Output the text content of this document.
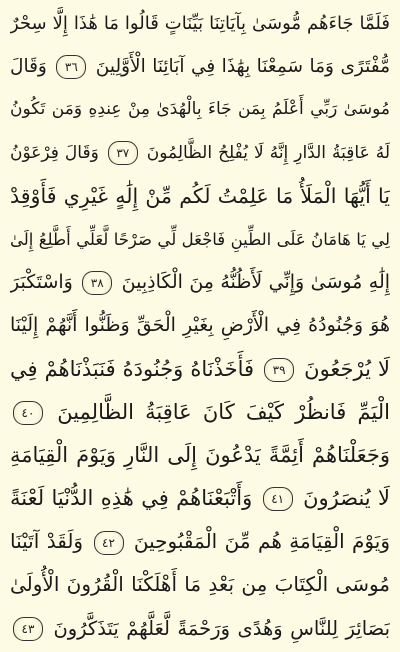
فَلَمَّا جَاءَهُم مُّوسَىٰ بِآيَاتِنَا بَيِّنَاتٍ قَالُوا مَا هَٰذَا إِلَّا سِحْرٌ
مُّفْتَرًى وَمَا سَمِعْنَا بِهَٰذَا فِي آبَائِنَا الْأَوَّلِينَ ٣٦ وَقَالَ
مُوسَىٰ رَبِّي أَعْلَمُ بِمَن جَاءَ بِالْهُدَىٰ مِنْ عِندِهِ وَمَن تَكُونُ
لَهُ عَاقِبَةُ الدَّارِ إِنَّهُ لَا يُفْلِحُ الظَّالِمُونَ ٣٧ وَقَالَ فِرْعَوْنُ
يَا أَيُّهَا الْمَلَأُ مَا عَلِمْتُ لَكُم مِّنْ إِلَٰهٍ غَيْرِي فَأَوْقِدْ
لِي يَا هَامَانُ عَلَى الطِّينِ فَاجْعَل لِّي صَرْحًا لَّعَلِّي أَطَّلِعُ إِلَىٰ
إِلَٰهِ مُوسَىٰ وَإِنِّي لَأَظُنُّهُ مِنَ الْكَاذِبِينَ ٣٨ وَاسْتَكْبَرَ
هُوَ وَجُنُودُهُ فِي الْأَرْضِ بِغَيْرِ الْحَقِّ وَظَنُّوا أَنَّهُمْ إِلَيْنَا
لَا يُرْجَعُونَ ٣٩ فَأَخَذْنَاهُ وَجُنُودَهُ فَنَبَذْنَاهُمْ فِي
الْيَمِّ فَانظُرْ كَيْفَ كَانَ عَاقِبَةُ الظَّالِمِينَ ٤٠
وَجَعَلْنَاهُمْ أَئِمَّةً يَدْعُونَ إِلَى النَّارِ وَيَوْمَ الْقِيَامَةِ
لَا يُنصَرُونَ ٤١ وَأَتْبَعْنَاهُمْ فِي هَٰذِهِ الدُّنْيَا لَعْنَةً
وَيَوْمَ الْقِيَامَةِ هُم مِّنَ الْمَقْبُوحِينَ ٤٢ وَلَقَدْ آتَيْنَا
مُوسَى الْكِتَابَ مِن بَعْدِ مَا أَهْلَكْنَا الْقُرُونَ الْأُولَىٰ
بَصَائِرَ لِلنَّاسِ وَهُدًى وَرَحْمَةً لَّعَلَّهُمْ يَتَذَكَّرُونَ ٤٣
